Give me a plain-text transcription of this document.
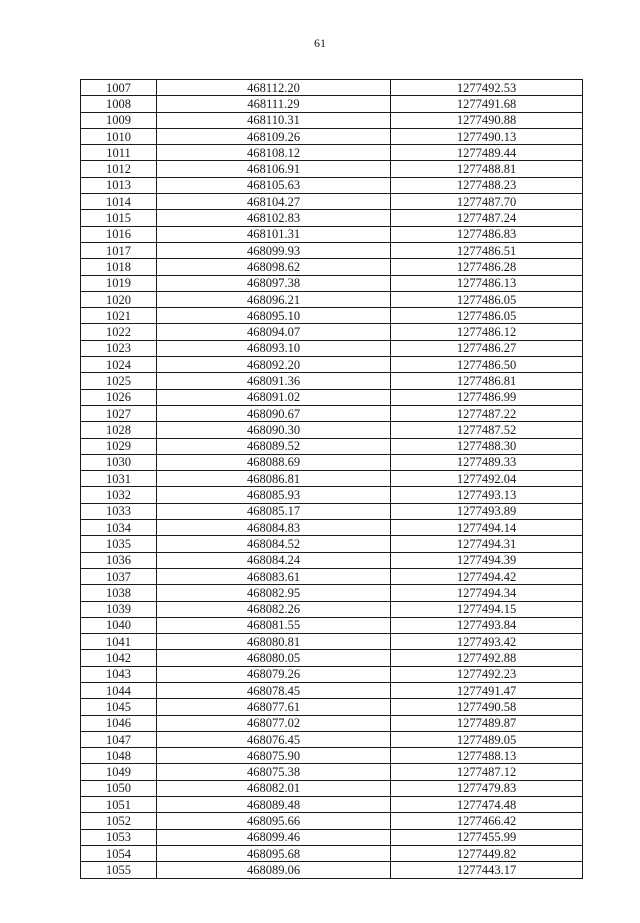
61
1007	468112.20	1277492.53
1008	468111.29	1277491.68
1009	468110.31	1277490.88
1010	468109.26	1277490.13
1011	468108.12	1277489.44
1012	468106.91	1277488.81
1013	468105.63	1277488.23
1014	468104.27	1277487.70
1015	468102.83	1277487.24
1016	468101.31	1277486.83
1017	468099.93	1277486.51
1018	468098.62	1277486.28
1019	468097.38	1277486.13
1020	468096.21	1277486.05
1021	468095.10	1277486.05
1022	468094.07	1277486.12
1023	468093.10	1277486.27
1024	468092.20	1277486.50
1025	468091.36	1277486.81
1026	468091.02	1277486.99
1027	468090.67	1277487.22
1028	468090.30	1277487.52
1029	468089.52	1277488.30
1030	468088.69	1277489.33
1031	468086.81	1277492.04
1032	468085.93	1277493.13
1033	468085.17	1277493.89
1034	468084.83	1277494.14
1035	468084.52	1277494.31
1036	468084.24	1277494.39
1037	468083.61	1277494.42
1038	468082.95	1277494.34
1039	468082.26	1277494.15
1040	468081.55	1277493.84
1041	468080.81	1277493.42
1042	468080.05	1277492.88
1043	468079.26	1277492.23
1044	468078.45	1277491.47
1045	468077.61	1277490.58
1046	468077.02	1277489.87
1047	468076.45	1277489.05
1048	468075.90	1277488.13
1049	468075.38	1277487.12
1050	468082.01	1277479.83
1051	468089.48	1277474.48
1052	468095.66	1277466.42
1053	468099.46	1277455.99
1054	468095.68	1277449.82
1055	468089.06	1277443.17
